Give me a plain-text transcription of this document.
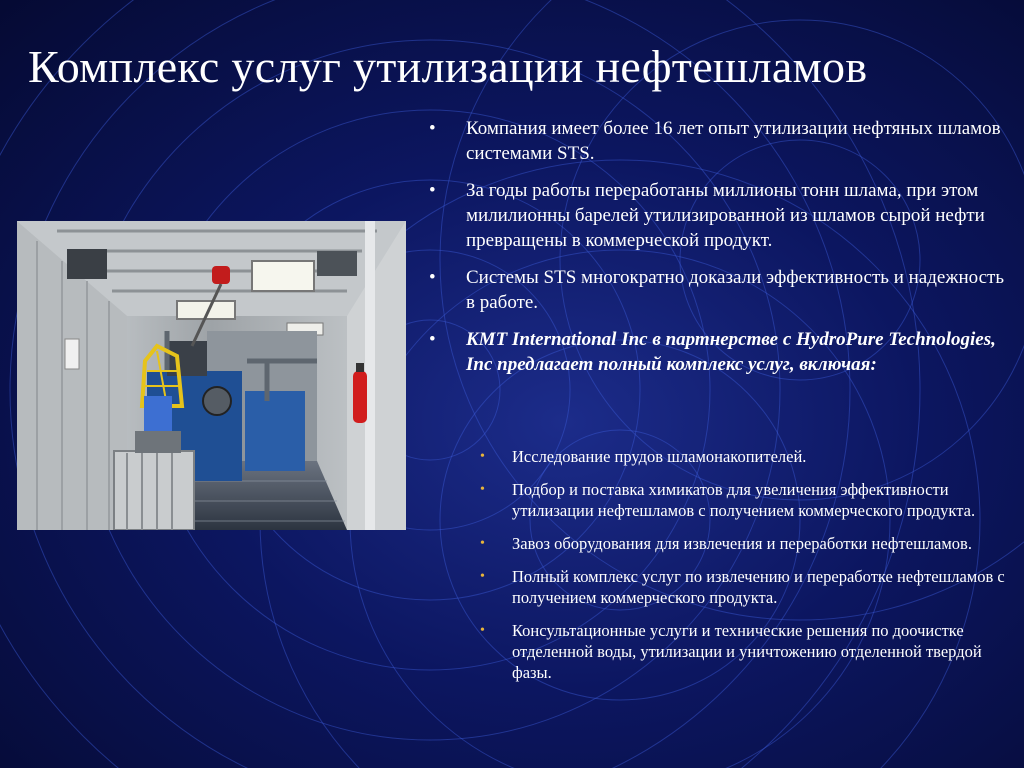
Комплекс услуг утилизации нефтешламов
• Компания имеет более 16 лет опыт утилизации нефтяных шламов системами STS.
• За годы работы переработаны миллионы тонн шлама, при этом милилионны барелей утилизированной из шламов сырой нефти превращены в коммерческой продукт.
• Системы STS многократно доказали эффективность и надежность в работе.
• KMT International Inc в партнерстве с HydroPure Technologies, Inc предлагает полный комплекс услуг, включая:
• Исследование прудов шламонакопителей.
• Подбор и поставка химикатов для увеличения эффективности утилизации нефтешламов с получением коммерческого продукта.
• Завоз оборудования для извлечения и переработки нефтешламов.
• Полный комплекс услуг по извлечению и переработке нефтешламов с получением коммерческого продукта.
• Консультационные услуги и технические решения по доочистке отделенной воды, утилизации и уничтожению отделенной твердой фазы.
